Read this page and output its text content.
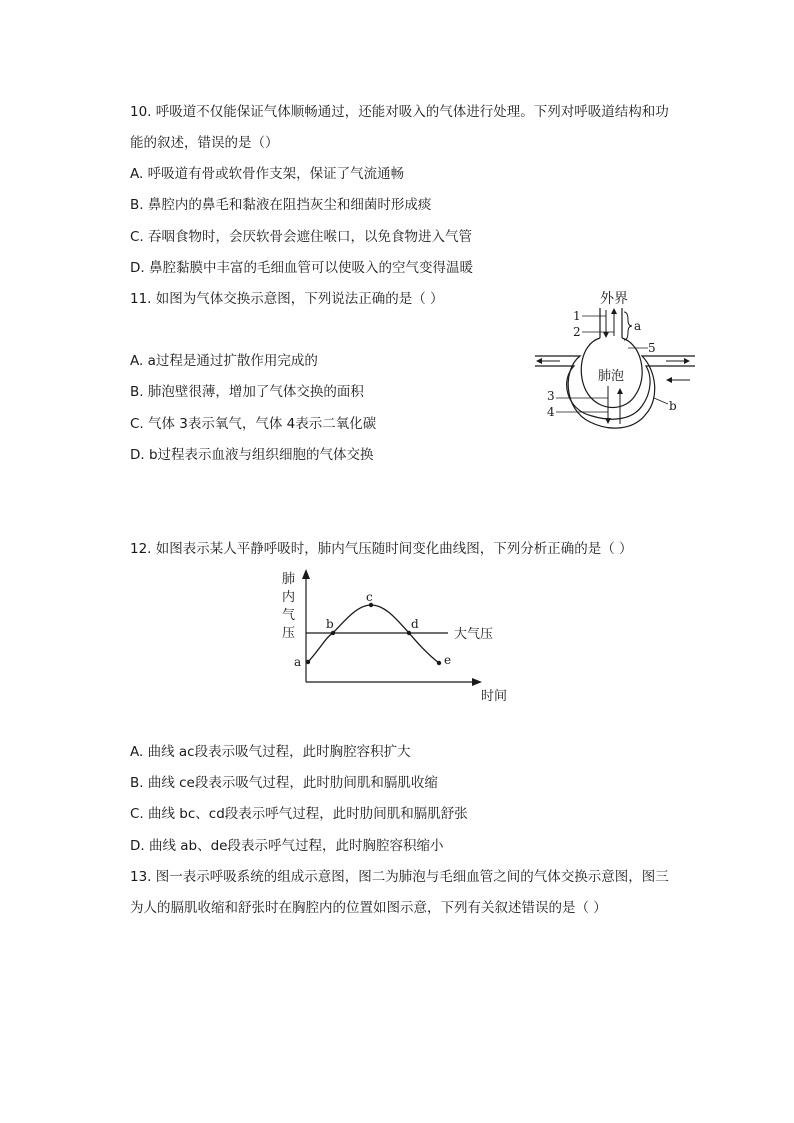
10. 呼吸道不仅能保证气体顺畅通过，还能对吸入的气体进行处理。下列对呼吸道结构和功
能的叙述，错误的是（）
A. 呼吸道有骨或软骨作支架，保证了气流通畅
B. 鼻腔内的鼻毛和黏液在阻挡灰尘和细菌时形成痰
C. 吞咽食物时，会厌软骨会遮住喉口，以免食物进入气管
D. 鼻腔黏膜中丰富的毛细血管可以使吸入的空气变得温暖
11. 如图为气体交换示意图，下列说法正确的是（ ）
A. a过程是通过扩散作用完成的
B. 肺泡壁很薄，增加了气体交换的面积
C. 气体 3表示氧气，气体 4表示二氧化碳
D. b过程表示血液与组织细胞的气体交换
外界
1
2	a
5
3
4	b
肺泡
12. 如图表示某人平静呼吸时，肺内气压随时间变化曲线图，下列分析正确的是（ ）
肺
内
气
压	大气压
a
b
c
d
e
时间
A. 曲线 ac段表示吸气过程，此时胸腔容积扩大
B. 曲线 ce段表示吸气过程，此时肋间肌和膈肌收缩
C. 曲线 bc、cd段表示呼气过程，此时肋间肌和膈肌舒张
D. 曲线 ab、de段表示呼气过程，此时胸腔容积缩小
13. 图一表示呼吸系统的组成示意图，图二为肺泡与毛细血管之间的气体交换示意图，图三
为人的膈肌收缩和舒张时在胸腔内的位置如图示意，下列有关叙述错误的是（ ）
